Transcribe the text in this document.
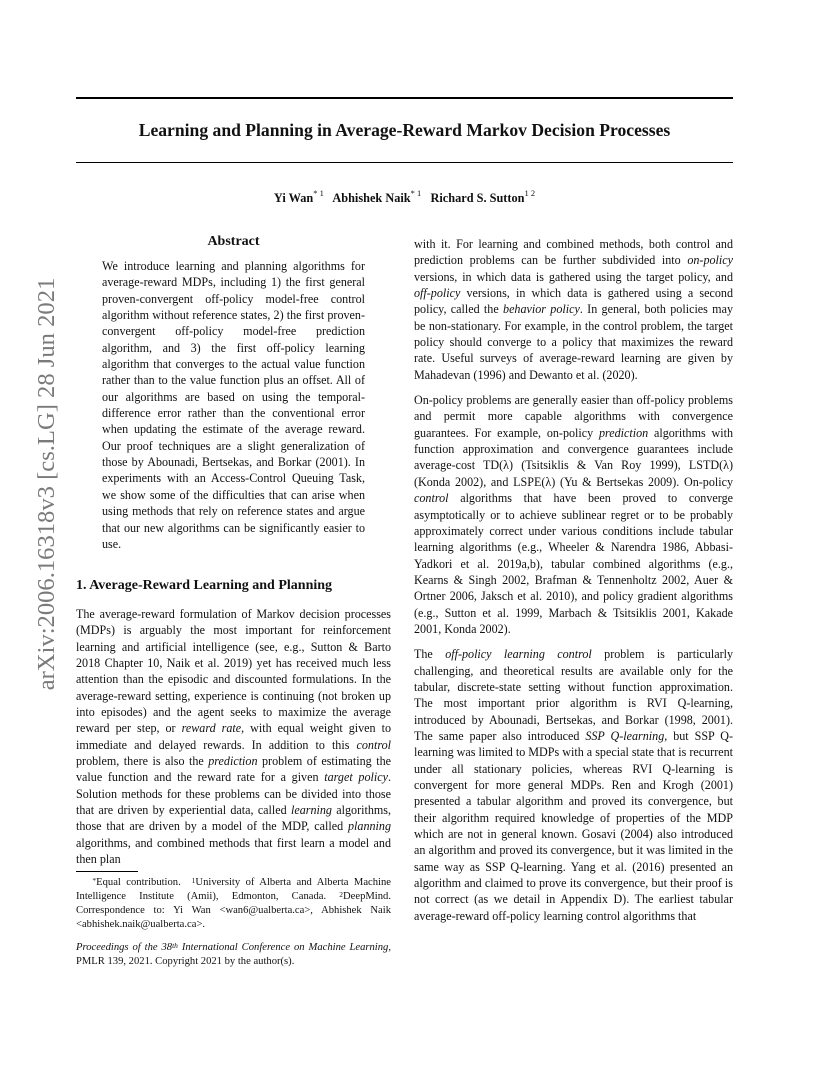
Learning and Planning in Average-Reward Markov Decision Processes
Yi Wan$^{* 1}$ Abhishek Naik$^{* 1}$ Richard S. Sutton$^{1 2}$
arXiv:2006.16318v3 [cs.LG] 28 Jun 2021
Abstract
We introduce learning and planning algorithms for average-reward MDPs, including 1) the first general proven-convergent off-policy model-free control algorithm without reference states, 2) the first proven-convergent off-policy model-free prediction algorithm, and 3) the first off-policy learning algorithm that converges to the actual value function rather than to the value function plus an offset. All of our algorithms are based on using the temporal-difference error rather than the conventional error when updating the estimate of the average reward. Our proof techniques are a slight generalization of those by Abounadi, Bertsekas, and Borkar (2001). In experiments with an Access-Control Queuing Task, we show some of the difficulties that can arise when using methods that rely on reference states and argue that our new algorithms can be significantly easier to use.
1. Average-Reward Learning and Planning

The average-reward formulation of Markov decision processes (MDPs) is arguably the most important for reinforcement learning and artificial intelligence (see, e.g., Sutton & Barto 2018 Chapter 10, Naik et al. 2019) yet has received much less attention than the episodic and discounted formulations. In the average-reward setting, experience is continuing (not broken up into episodes) and the agent seeks to maximize the average reward per step, or reward rate, with equal weight given to immediate and delayed rewards. In addition to this control problem, there is also the prediction problem of estimating the value function and the reward rate for a given target policy. Solution methods for these problems can be divided into those that are driven by experiential data, called learning algorithms, those that are driven by a model of the MDP, called planning algorithms, and combined methods that first learn a model and then plan

*Equal contribution.  $^1$University of Alberta and Alberta Machine Intelligence Institute (Amii), Edmonton, Canada. $^2$DeepMind. Correspondence to: Yi Wan <wan6@ualberta.ca>, Abhishek Naik <abhishek.naik@ualberta.ca>.
Proceedings of the 38th International Conference on Machine Learning, PMLR 139, 2021. Copyright 2021 by the author(s).

with it. For learning and combined methods, both control and prediction problems can be further subdivided into on-policy versions, in which data is gathered using the target policy, and off-policy versions, in which data is gathered using a second policy, called the behavior policy. In general, both policies may be non-stationary. For example, in the control problem, the target policy should converge to a policy that maximizes the reward rate. Useful surveys of average-reward learning are given by Mahadevan (1996) and Dewanto et al. (2020).

On-policy problems are generally easier than off-policy problems and permit more capable algorithms with convergence guarantees. For example, on-policy prediction algorithms with function approximation and convergence guarantees include average-cost TD(λ) (Tsitsiklis & Van Roy 1999), LSTD(λ) (Konda 2002), and LSPE(λ) (Yu & Bertsekas 2009). On-policy control algorithms that have been proved to converge asymptotically or to achieve sublinear regret or to be probably approximately correct under various conditions include tabular learning algorithms (e.g., Wheeler & Narendra 1986, Abbasi-Yadkori et al. 2019a,b), tabular combined algorithms (e.g., Kearns & Singh 2002, Brafman & Tennenholtz 2002, Auer & Ortner 2006, Jaksch et al. 2010), and policy gradient algorithms (e.g., Sutton et al. 1999, Marbach & Tsitsiklis 2001, Kakade 2001, Konda 2002).

The off-policy learning control problem is particularly challenging, and theoretical results are available only for the tabular, discrete-state setting without function approximation. The most important prior algorithm is RVI Q-learning, introduced by Abounadi, Bertsekas, and Borkar (1998, 2001). The same paper also introduced SSP Q-learning, but SSP Q-learning was limited to MDPs with a special state that is recurrent under all stationary policies, whereas RVI Q-learning is convergent for more general MDPs. Ren and Krogh (2001) presented a tabular algorithm and proved its convergence, but their algorithm required knowledge of properties of the MDP which are not in general known. Gosavi (2004) also introduced an algorithm and proved its convergence, but it was limited in the same way as SSP Q-learning. Yang et al. (2016) presented an algorithm and claimed to prove its convergence, but their proof is not correct (as we detail in Appendix D). The earliest tabular average-reward off-policy learning control algorithms that
